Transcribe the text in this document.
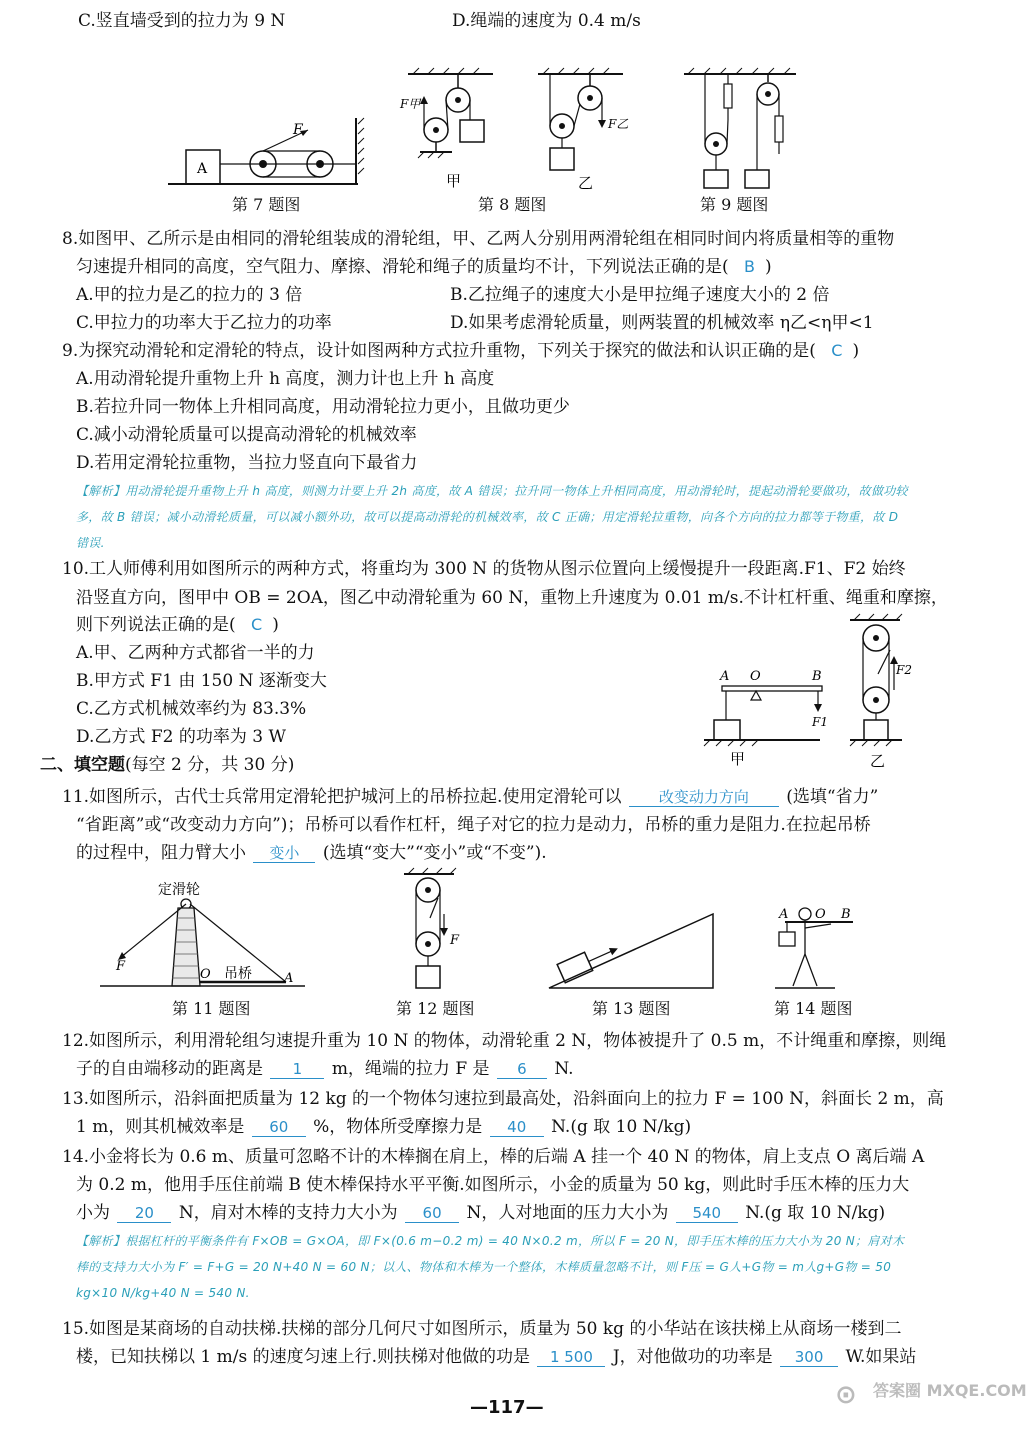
C.竖直墙受到的拉力为 9 N	D.绳端的速度为 0.4 m/s
A
F
第 7 题图
F甲
甲
F乙
乙
第 8 题图	第 9 题图
8.如图甲、乙所示是由相同的滑轮组装成的滑轮组，甲、乙两人分别用两滑轮组在相同时间内将质量相等的重物
匀速提升相同的高度，空气阻力、摩擦、滑轮和绳子的质量均不计，下列说法正确的是( B )
A.甲的拉力是乙的拉力的 3 倍	B.乙拉绳子的速度大小是甲拉绳子速度大小的 2 倍
C.甲拉力的功率大于乙拉力的功率	D.如果考虑滑轮质量，则两装置的机械效率 η乙<η甲<1
9.为探究动滑轮和定滑轮的特点，设计如图两种方式拉升重物，下列关于探究的做法和认识正确的是( C )
A.用动滑轮提升重物上升 h 高度，测力计也上升 h 高度
B.若拉升同一物体上升相同高度，用动滑轮拉力更小，且做功更少
C.减小动滑轮质量可以提高动滑轮的机械效率
D.若用定滑轮拉重物，当拉力竖直向下最省力
【解析】用动滑轮提升重物上升 h 高度，则测力计要上升 2h 高度，故 A 错误；拉升同一物体上升相同高度，用动滑轮时，提起动滑轮要做功，故做功较多，故 B 错误；减小动滑轮质量，可以减小额外功，故可以提高动滑轮的机械效率，故 C 正确；用定滑轮拉重物，向各个方向的拉力都等于物重，故 D 错误.
10.工人师傅利用如图所示的两种方式，将重均为 300 N 的货物从图示位置向上缓慢提升一段距离.F1、F2 始终
沿竖直方向，图甲中 OB = 2OA，图乙中动滑轮重为 60 N，重物上升速度为 0.01 m/s.不计杠杆重、绳重和摩擦，
则下列说法正确的是( C )
A.甲、乙两种方式都省一半的力
B.甲方式 F1 由 150 N 逐渐变大
C.乙方式机械效率约为 83.3%
D.乙方式 F2 的功率为 3 W
A O	B
F1
甲
F2
乙
二、填空题(每空 2 分，共 30 分)
11.如图所示，古代士兵常用定滑轮把护城河上的吊桥拉起.使用定滑轮可以 改变动力方向 (选填“省力”
“省距离”或“改变动力方向”)；吊桥可以看作杠杆，绳子对它的拉力是动力，吊桥的重力是阻力.在拉起吊桥
的过程中，阻力臂大小 变小 (选填“变大”“变小”或“不变”).
定滑轮
F
O 吊桥 A
第 11 题图
F
第 12 题图	第 13 题图
A O B
第 14 题图
12.如图所示，利用滑轮组匀速提升重为 10 N 的物体，动滑轮重 2 N，物体被提升了 0.5 m，不计绳重和摩擦，则绳
子的自由端移动的距离是 1 m，绳端的拉力 F 是 6 N.
13.如图所示，沿斜面把质量为 12 kg 的一个物体匀速拉到最高处，沿斜面向上的拉力 F = 100 N，斜面长 2 m，高
1 m，则其机械效率是 60 %，物体所受摩擦力是 40 N.(g 取 10 N/kg)
14.小金将长为 0.6 m、质量可忽略不计的木棒搁在肩上，棒的后端 A 挂一个 40 N 的物体，肩上支点 O 离后端 A
为 0.2 m，他用手压住前端 B 使木棒保持水平平衡.如图所示，小金的质量为 50 kg，则此时手压木棒的压力大
小为 20 N，肩对木棒的支持力大小为 60 N，人对地面的压力大小为 540 N.(g 取 10 N/kg)
【解析】根据杠杆的平衡条件有 F×OB = G×OA，即 F×(0.6 m−0.2 m) = 40 N×0.2 m，所以 F = 20 N，即手压木棒的压力大小为 20 N；肩对木棒的支持力大小为 F′ = F+G = 20 N+40 N = 60 N；以人、物体和木棒为一个整体，木棒质量忽略不计，则 F压 = G人+G物 = m人g+G物 = 50 kg×10 N/kg+40 N = 540 N.
15.如图是某商场的自动扶梯.扶梯的部分几何尺寸如图所示，质量为 50 kg 的小华站在该扶梯上从商场一楼到二
楼，已知扶梯以 1 m/s 的速度匀速上行.则扶梯对他做的功是 1 500 J，对他做功的功率是 300 W.如果站
—117—	⊙ 答案圈 MXQE.COM
